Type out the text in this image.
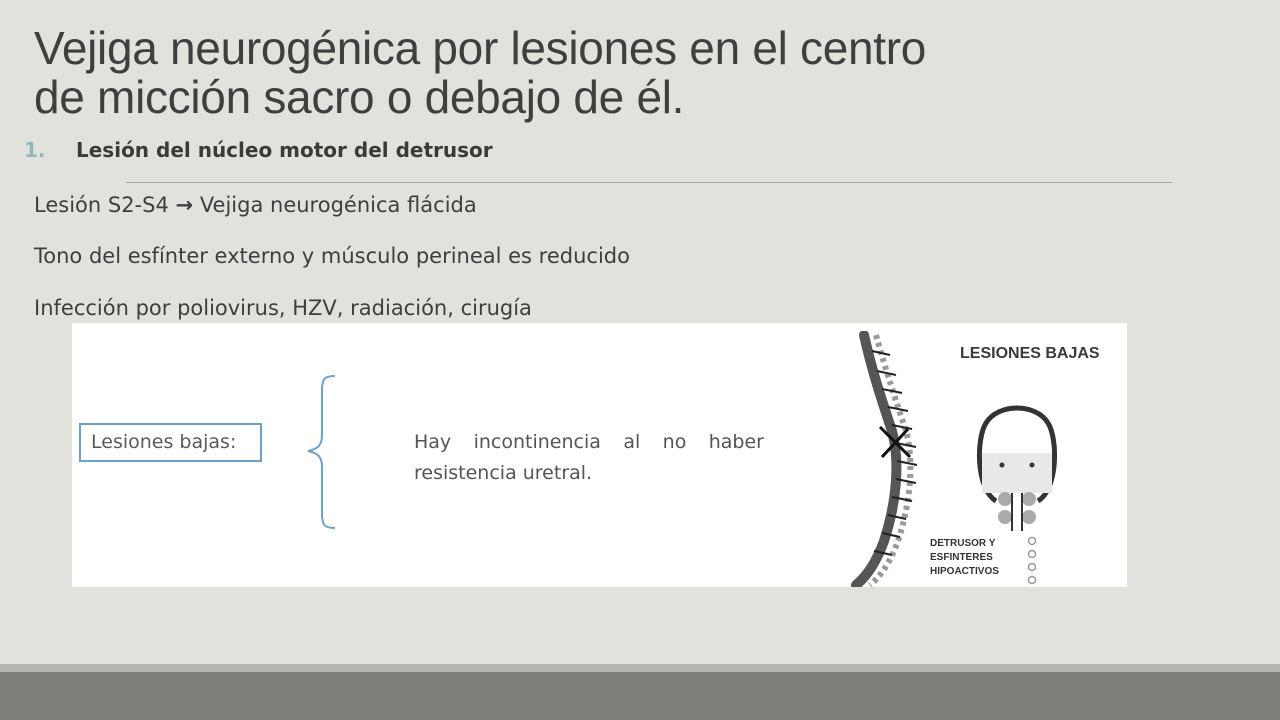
Vejiga neurogénica por lesiones en el centro
de micción sacro o debajo de él.
1. Lesión del núcleo motor del detrusor
Lesión S2-S4 → Vejiga neurogénica flácida
Tono del esfínter externo y músculo perineal es reducido
Infección por poliovirus, HZV, radiación, cirugía
Lesiones bajas:	Hay incontinencia al no haber
resistencia uretral.
LESIONES BAJAS
DETRUSOR Y
ESFINTERES
HIPOACTIVOS
